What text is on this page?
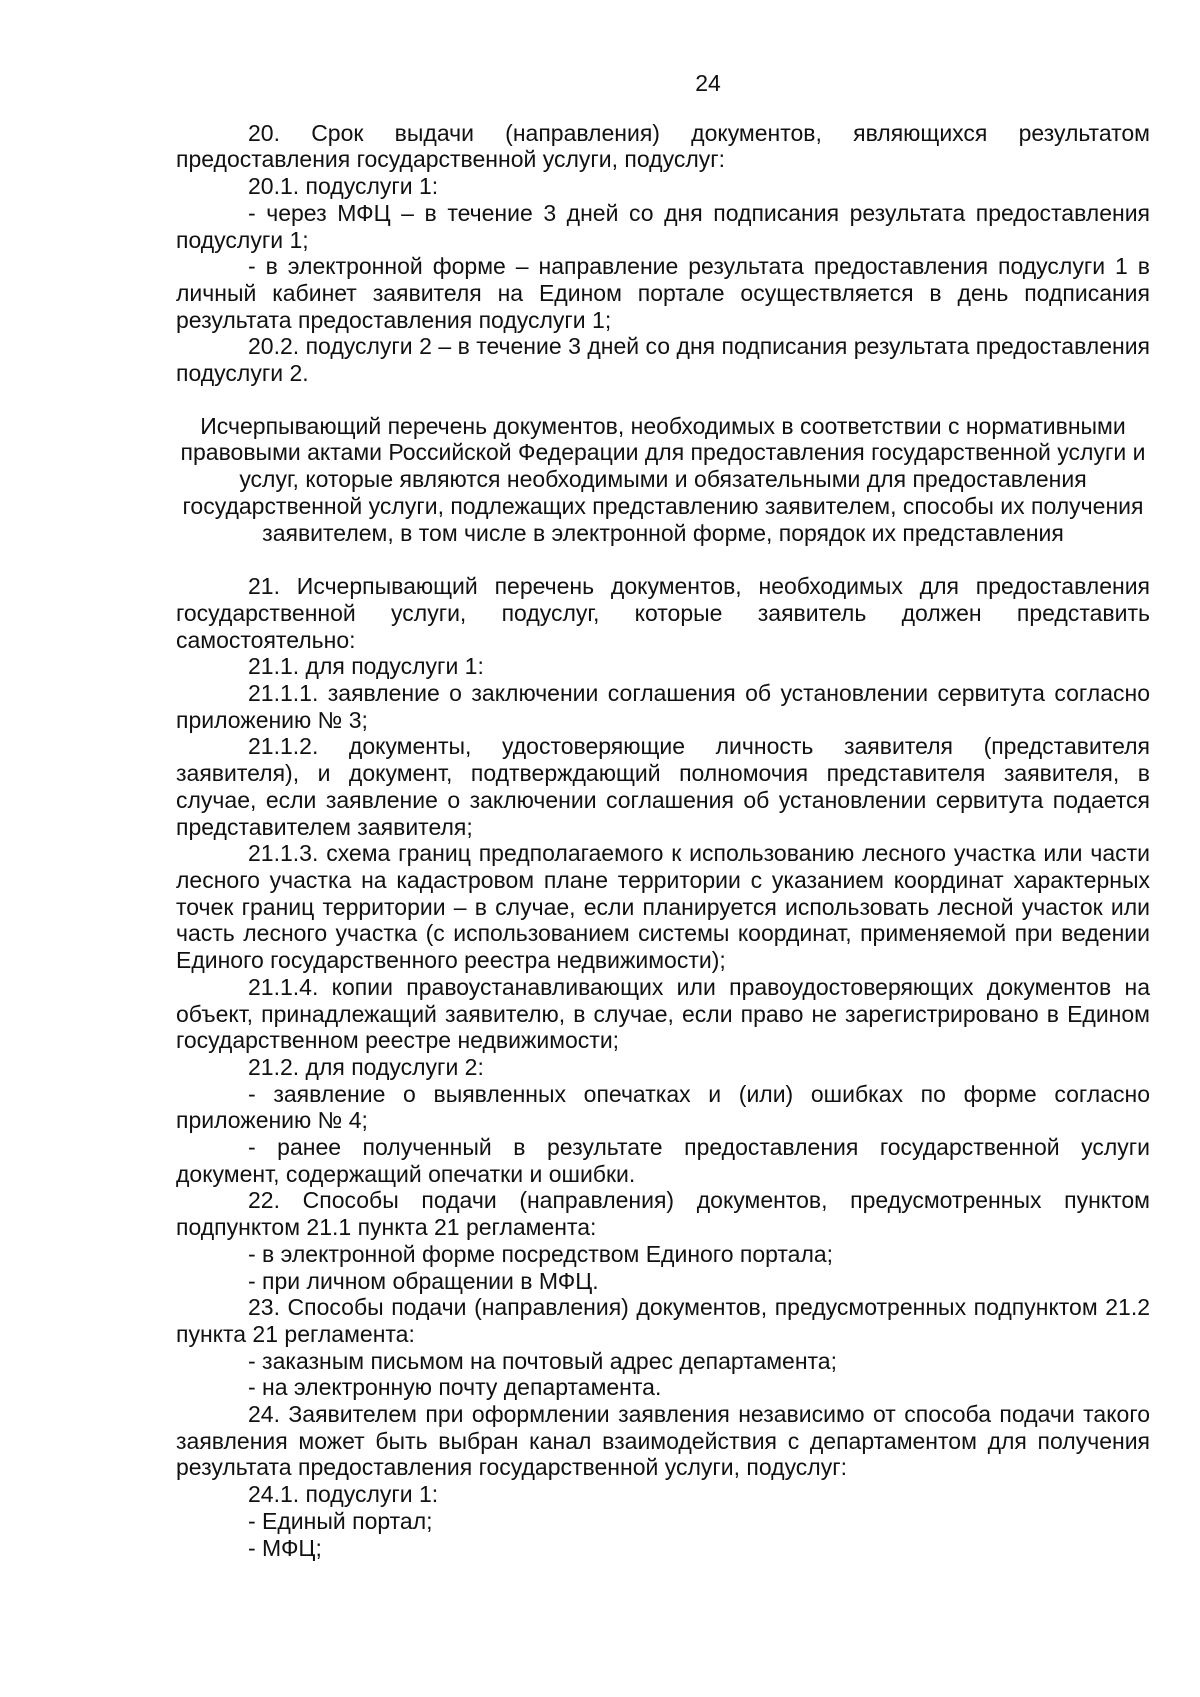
24

20. Срок выдачи (направления) документов, являющихся результатом предоставления государственной услуги, подуслуг:

20.1. подуслуги 1:

- через МФЦ – в течение 3 дней со дня подписания результата предоставления подуслуги 1;

- в электронной форме – направление результата предоставления подуслуги 1 в личный кабинет заявителя на Едином портале осуществляется в день подписания результата предоставления подуслуги 1;

20.2. подуслуги 2 – в течение 3 дней со дня подписания результата предоставления подуслуги 2.

Исчерпывающий перечень документов, необходимых в соответствии с нормативными правовыми актами Российской Федерации для предоставления государственной услуги и услуг, которые являются необходимыми и обязательными для предоставления государственной услуги, подлежащих представлению заявителем, способы их получения заявителем, в том числе в электронной форме, порядок их представления

21. Исчерпывающий перечень документов, необходимых для предоставления государственной услуги, подуслуг, которые заявитель должен представить самостоятельно:

21.1. для подуслуги 1:

21.1.1. заявление о заключении соглашения об установлении сервитута согласно приложению № 3;

21.1.2. документы, удостоверяющие личность заявителя (представителя заявителя), и документ, подтверждающий полномочия представителя заявителя, в случае, если заявление о заключении соглашения об установлении сервитута подается представителем заявителя;

21.1.3. схема границ предполагаемого к использованию лесного участка или части лесного участка на кадастровом плане территории с указанием координат характерных точек границ территории – в случае, если планируется использовать лесной участок или часть лесного участка (с использованием системы координат, применяемой при ведении Единого государственного реестра недвижимости);

21.1.4. копии правоустанавливающих или правоудостоверяющих документов на объект, принадлежащий заявителю, в случае, если право не зарегистрировано в Едином государственном реестре недвижимости;

21.2. для подуслуги 2:

- заявление о выявленных опечатках и (или) ошибках по форме согласно приложению № 4;

- ранее полученный в результате предоставления государственной услуги документ, содержащий опечатки и ошибки.

22. Способы подачи (направления) документов, предусмотренных пунктом подпунктом 21.1 пункта 21 регламента:

- в электронной форме посредством Единого портала;

- при личном обращении в МФЦ.

23. Способы подачи (направления) документов, предусмотренных подпунктом 21.2 пункта 21 регламента:

- заказным письмом на почтовый адрес департамента;

- на электронную почту департамента.

24. Заявителем при оформлении заявления независимо от способа подачи такого заявления может быть выбран канал взаимодействия с департаментом для получения результата предоставления государственной услуги, подуслуг:

24.1. подуслуги 1:

- Единый портал;

- МФЦ;
